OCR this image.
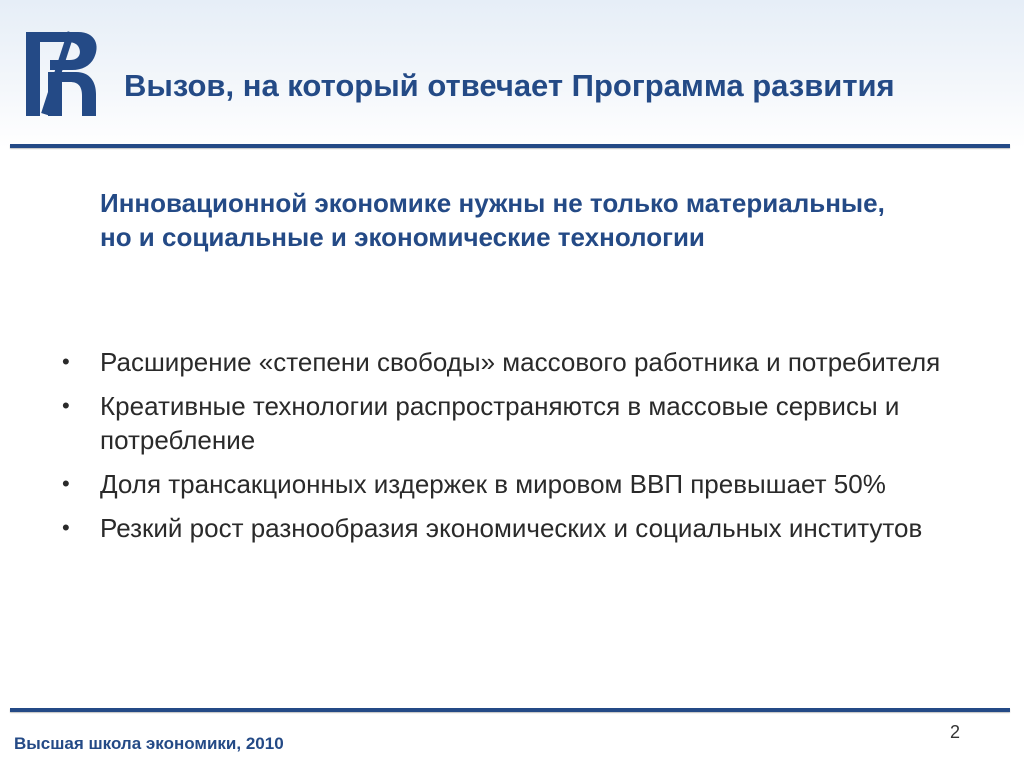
Вызов, на который отвечает Программа развития
Инновационной экономике нужны не только материальные, но и социальные и экономические технологии
• Расширение «степени свободы» массового работника и потребителя
• Креативные технологии распространяются в массовые сервисы и потребление
• Доля трансакционных издержек в мировом ВВП превышает 50%
• Резкий рост разнообразия экономических и социальных институтов
Высшая школа экономики, 2010
2
